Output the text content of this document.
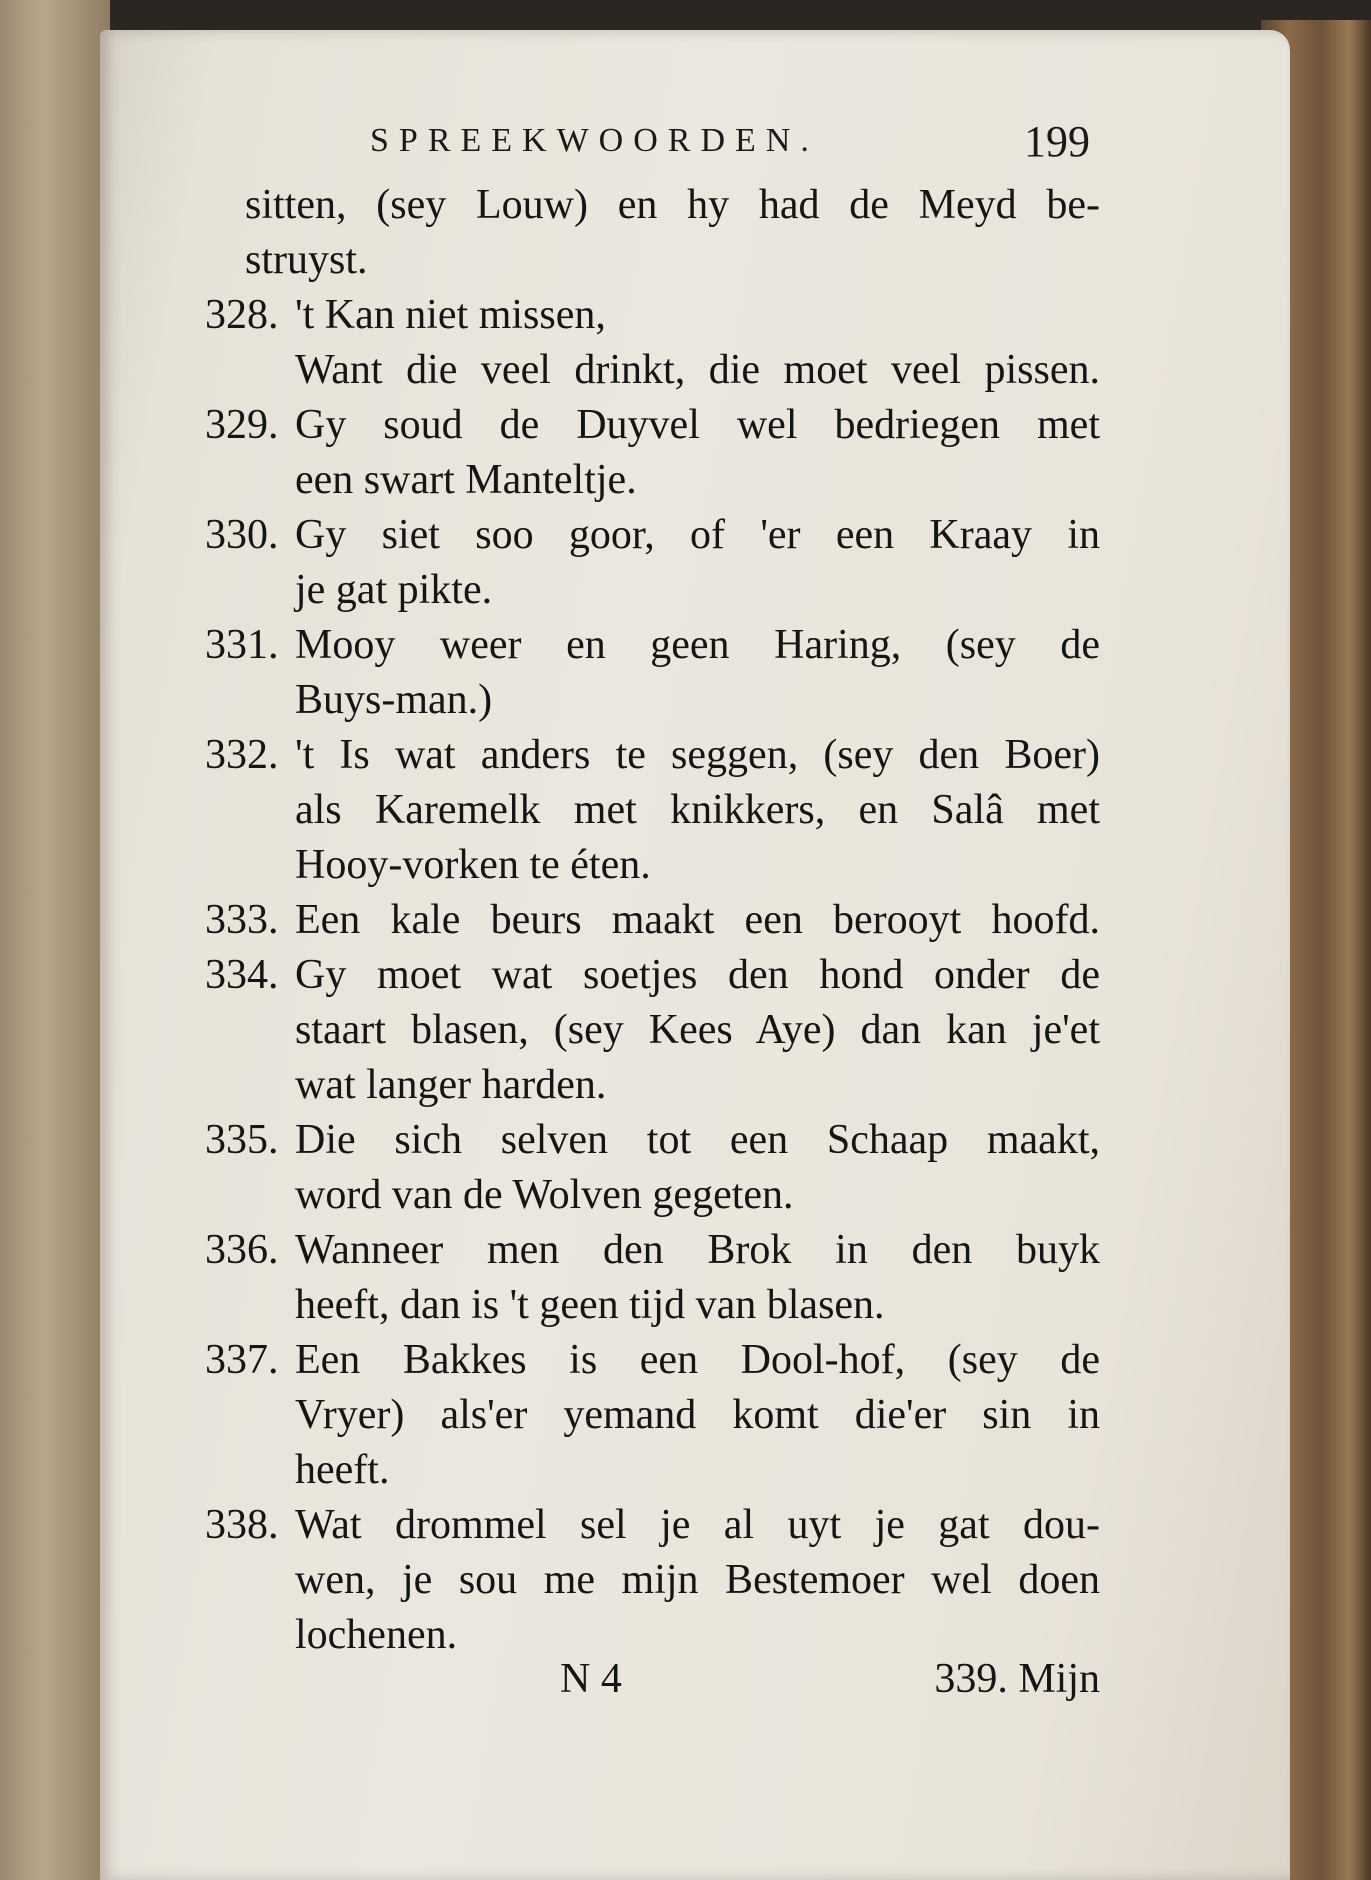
SPREEKWOORDEN.	199
sitten, (sey Louw) en hy had de Meyd be-
struyst.
328. 't Kan niet missen,
Want die veel drinkt, die moet veel pissen.
329. Gy soud de Duyvel wel bedriegen met
een swart Manteltje.
330. Gy siet soo goor, of 'er een Kraay in
je gat pikte.
331. Mooy weer en geen Haring, (sey de
Buys-man.)
332. 't Is wat anders te seggen, (sey den Boer)
als Karemelk met knikkers, en Salâ met
Hooy-vorken te éten.
333. Een kale beurs maakt een berooyt hoofd.
334. Gy moet wat soetjes den hond onder de
staart blasen, (sey Kees Aye) dan kan je'et
wat langer harden.
335. Die sich selven tot een Schaap maakt,
word van de Wolven gegeten.
336. Wanneer men den Brok in den buyk
heeft, dan is 't geen tijd van blasen.
337. Een Bakkes is een Dool-hof, (sey de
Vryer) als'er yemand komt die'er sin in
heeft.
338. Wat drommel sel je al uyt je gat dou-
wen, je sou me mijn Bestemoer wel doen
lochenen.
N 4	339. Mijn
